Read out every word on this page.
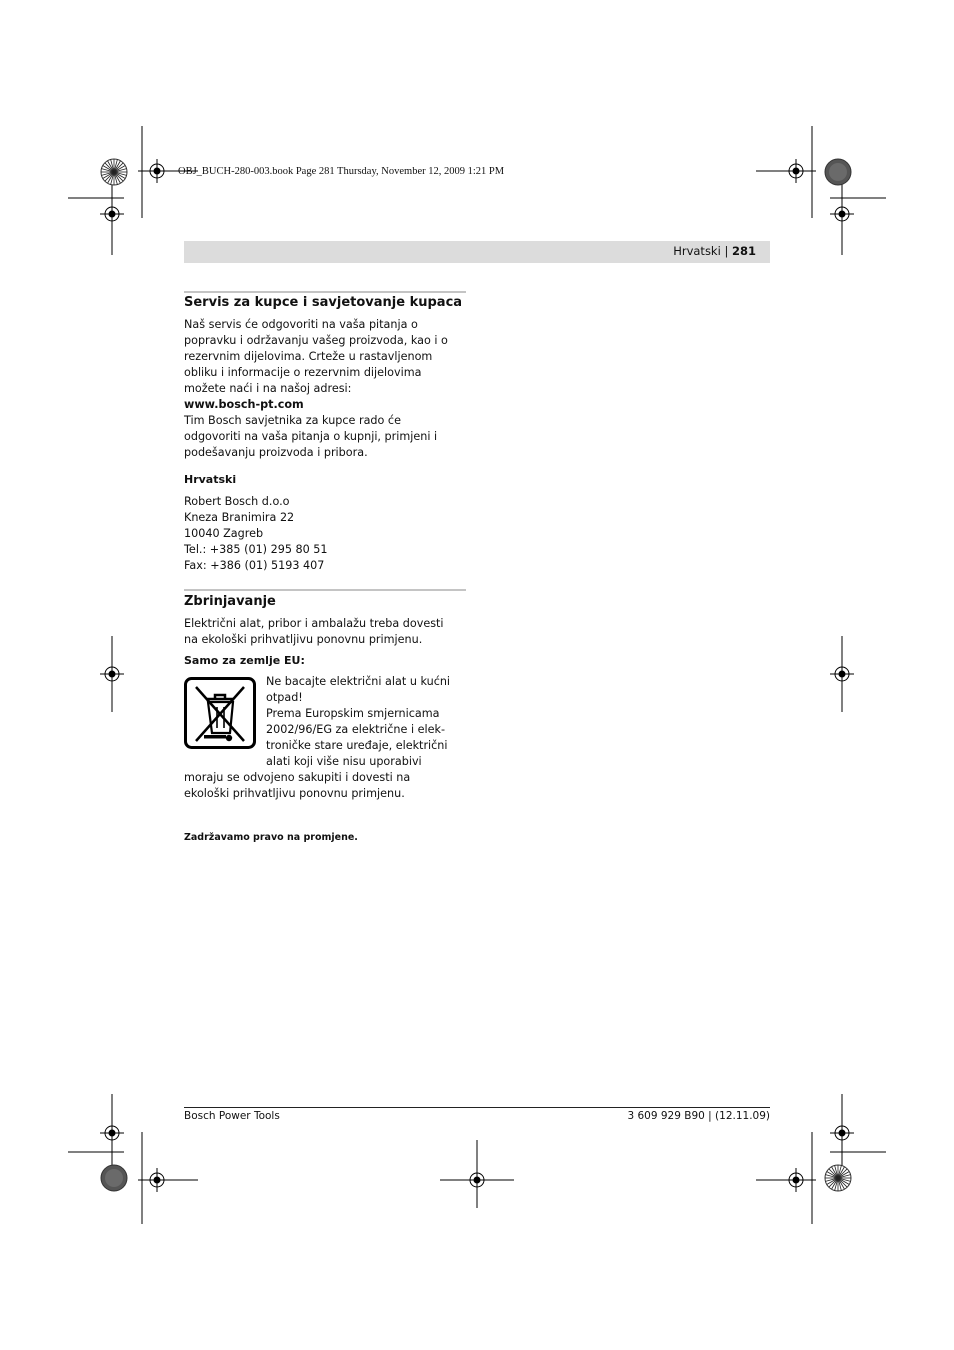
OBJ_BUCH-280-003.book Page 281 Thursday, November 12, 2009 1:21 PM
Hrvatski | 281
Servis za kupce i savjetovanje kupaca
Naš servis će odgovoriti na vaša pitanja o
popravku i održavanju vašeg proizvoda, kao i o
rezervnim dijelovima. Crteže u rastavljenom
obliku i informacije o rezervnim dijelovima
možete naći i na našoj adresi:
www.bosch-pt.com
Tim Bosch savjetnika za kupce rado će
odgovoriti na vaša pitanja o kupnji, primjeni i
podešavanju proizvoda i pribora.
Hrvatski
Robert Bosch d.o.o
Kneza Branimira 22
10040 Zagreb
Tel.: +385 (01) 295 80 51
Fax: +386 (01) 5193 407
Zbrinjavanje
Električni alat, pribor i ambalažu treba dovesti
na ekološki prihvatljivu ponovnu primjenu.
Samo za zemlje EU:
Ne bacajte električni alat u kućni
otpad!
Prema Europskim smjernicama
2002/96/EG za električne i elek-
troničke stare uređaje, električni
alati koji više nisu uporabivi
moraju se odvojeno sakupiti i dovesti na
ekološki prihvatljivu ponovnu primjenu.
Zadržavamo pravo na promjene.
Bosch Power Tools	3 609 929 B90 | (12.11.09)
